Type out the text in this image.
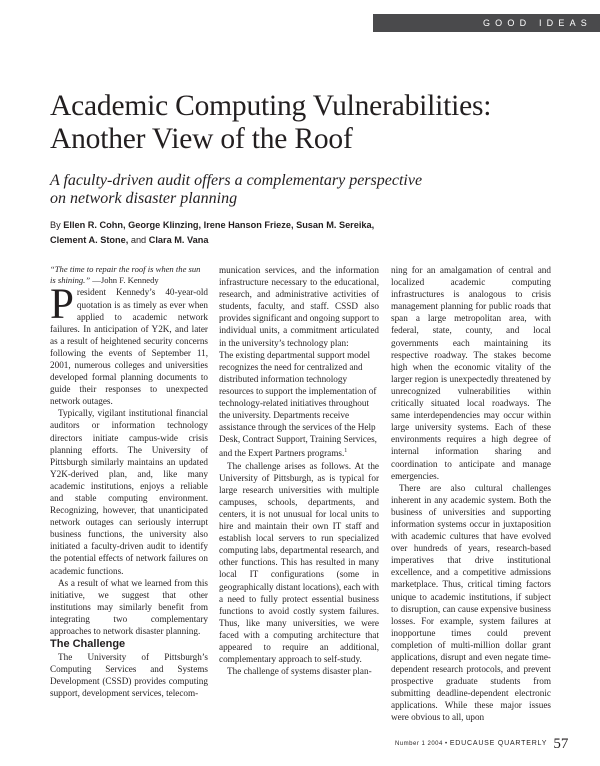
GOOD IDEAS
Academic Computing Vulnerabilities:
Another View of the Roof
A faculty-driven audit offers a complementary perspective
on network disaster planning
By Ellen R. Cohn, George Klinzing, Irene Hanson Frieze, Susan M. Sereika,
Clement A. Stone, and Clara M. Vana

“The time to repair the roof is when the sun is shining.” —John F. Kennedy

President Kennedy’s 40-year-old quotation is as timely as ever when applied to academic network failures. In anticipation of Y2K, and later as a result of heightened security concerns following the events of September 11, 2001, numerous colleges and universities developed formal planning documents to guide their responses to unexpected network outages.

Typically, vigilant institutional financial auditors or information technology directors initiate campus-wide crisis planning efforts. The University of Pittsburgh similarly maintains an updated Y2K-derived plan, and, like many academic institutions, enjoys a reliable and stable computing environment. Recognizing, however, that unanticipated network outages can seriously interrupt business functions, the university also initiated a faculty-driven audit to identify the potential effects of network failures on academic functions.

As a result of what we learned from this initiative, we suggest that other institutions may similarly benefit from integrating two complementary approaches to network disaster planning.

The Challenge

The University of Pittsburgh’s Computing Services and Systems Development (CSSD) provides computing support, development services, telecom-

munication services, and the information infrastructure necessary to the educational, research, and administrative activities of students, faculty, and staff. CSSD also provides significant and ongoing support to individual units, a commitment articulated in the university’s technology plan:

The existing departmental support model recognizes the need for centralized and distributed information technology resources to support the implementation of technology-related initiatives throughout the university. Departments receive assistance through the services of the Help Desk, Contract Support, Training Services, and the Expert Partners programs.$^1$

The challenge arises as follows. At the University of Pittsburgh, as is typical for large research universities with multiple campuses, schools, departments, and centers, it is not unusual for local units to hire and maintain their own IT staff and establish local servers to run specialized computing labs, departmental research, and other functions. This has resulted in many local IT configurations (some in geographically distant locations), each with a need to fully protect essential business functions to avoid costly system failures. Thus, like many universities, we were faced with a computing architecture that appeared to require an additional, complementary approach to self-study.

The challenge of systems disaster plan-

ning for an amalgamation of central and localized academic computing infrastructures is analogous to crisis management planning for public roads that span a large metropolitan area, with federal, state, county, and local governments each maintaining its respective roadway. The stakes become high when the economic vitality of the larger region is unexpectedly threatened by unrecognized vulnerabilities within critically situated local roadways. The same interdependencies may occur within large university systems. Each of these environments requires a high degree of internal information sharing and coordination to anticipate and manage emergencies.

There are also cultural challenges inherent in any academic system. Both the business of universities and supporting information systems occur in juxtaposition with academic cultures that have evolved over hundreds of years, research-based imperatives that drive institutional excellence, and a competitive admissions marketplace. Thus, critical timing factors unique to academic institutions, if subject to disruption, can cause expensive business losses. For example, system failures at inopportune times could prevent completion of multi-million dollar grant applications, disrupt and even negate time-dependent research protocols, and prevent prospective graduate students from submitting deadline-dependent electronic applications. While these major issues were obvious to all, upon

Number 1 2004 • EDUCAUSE QUARTERLY 57
